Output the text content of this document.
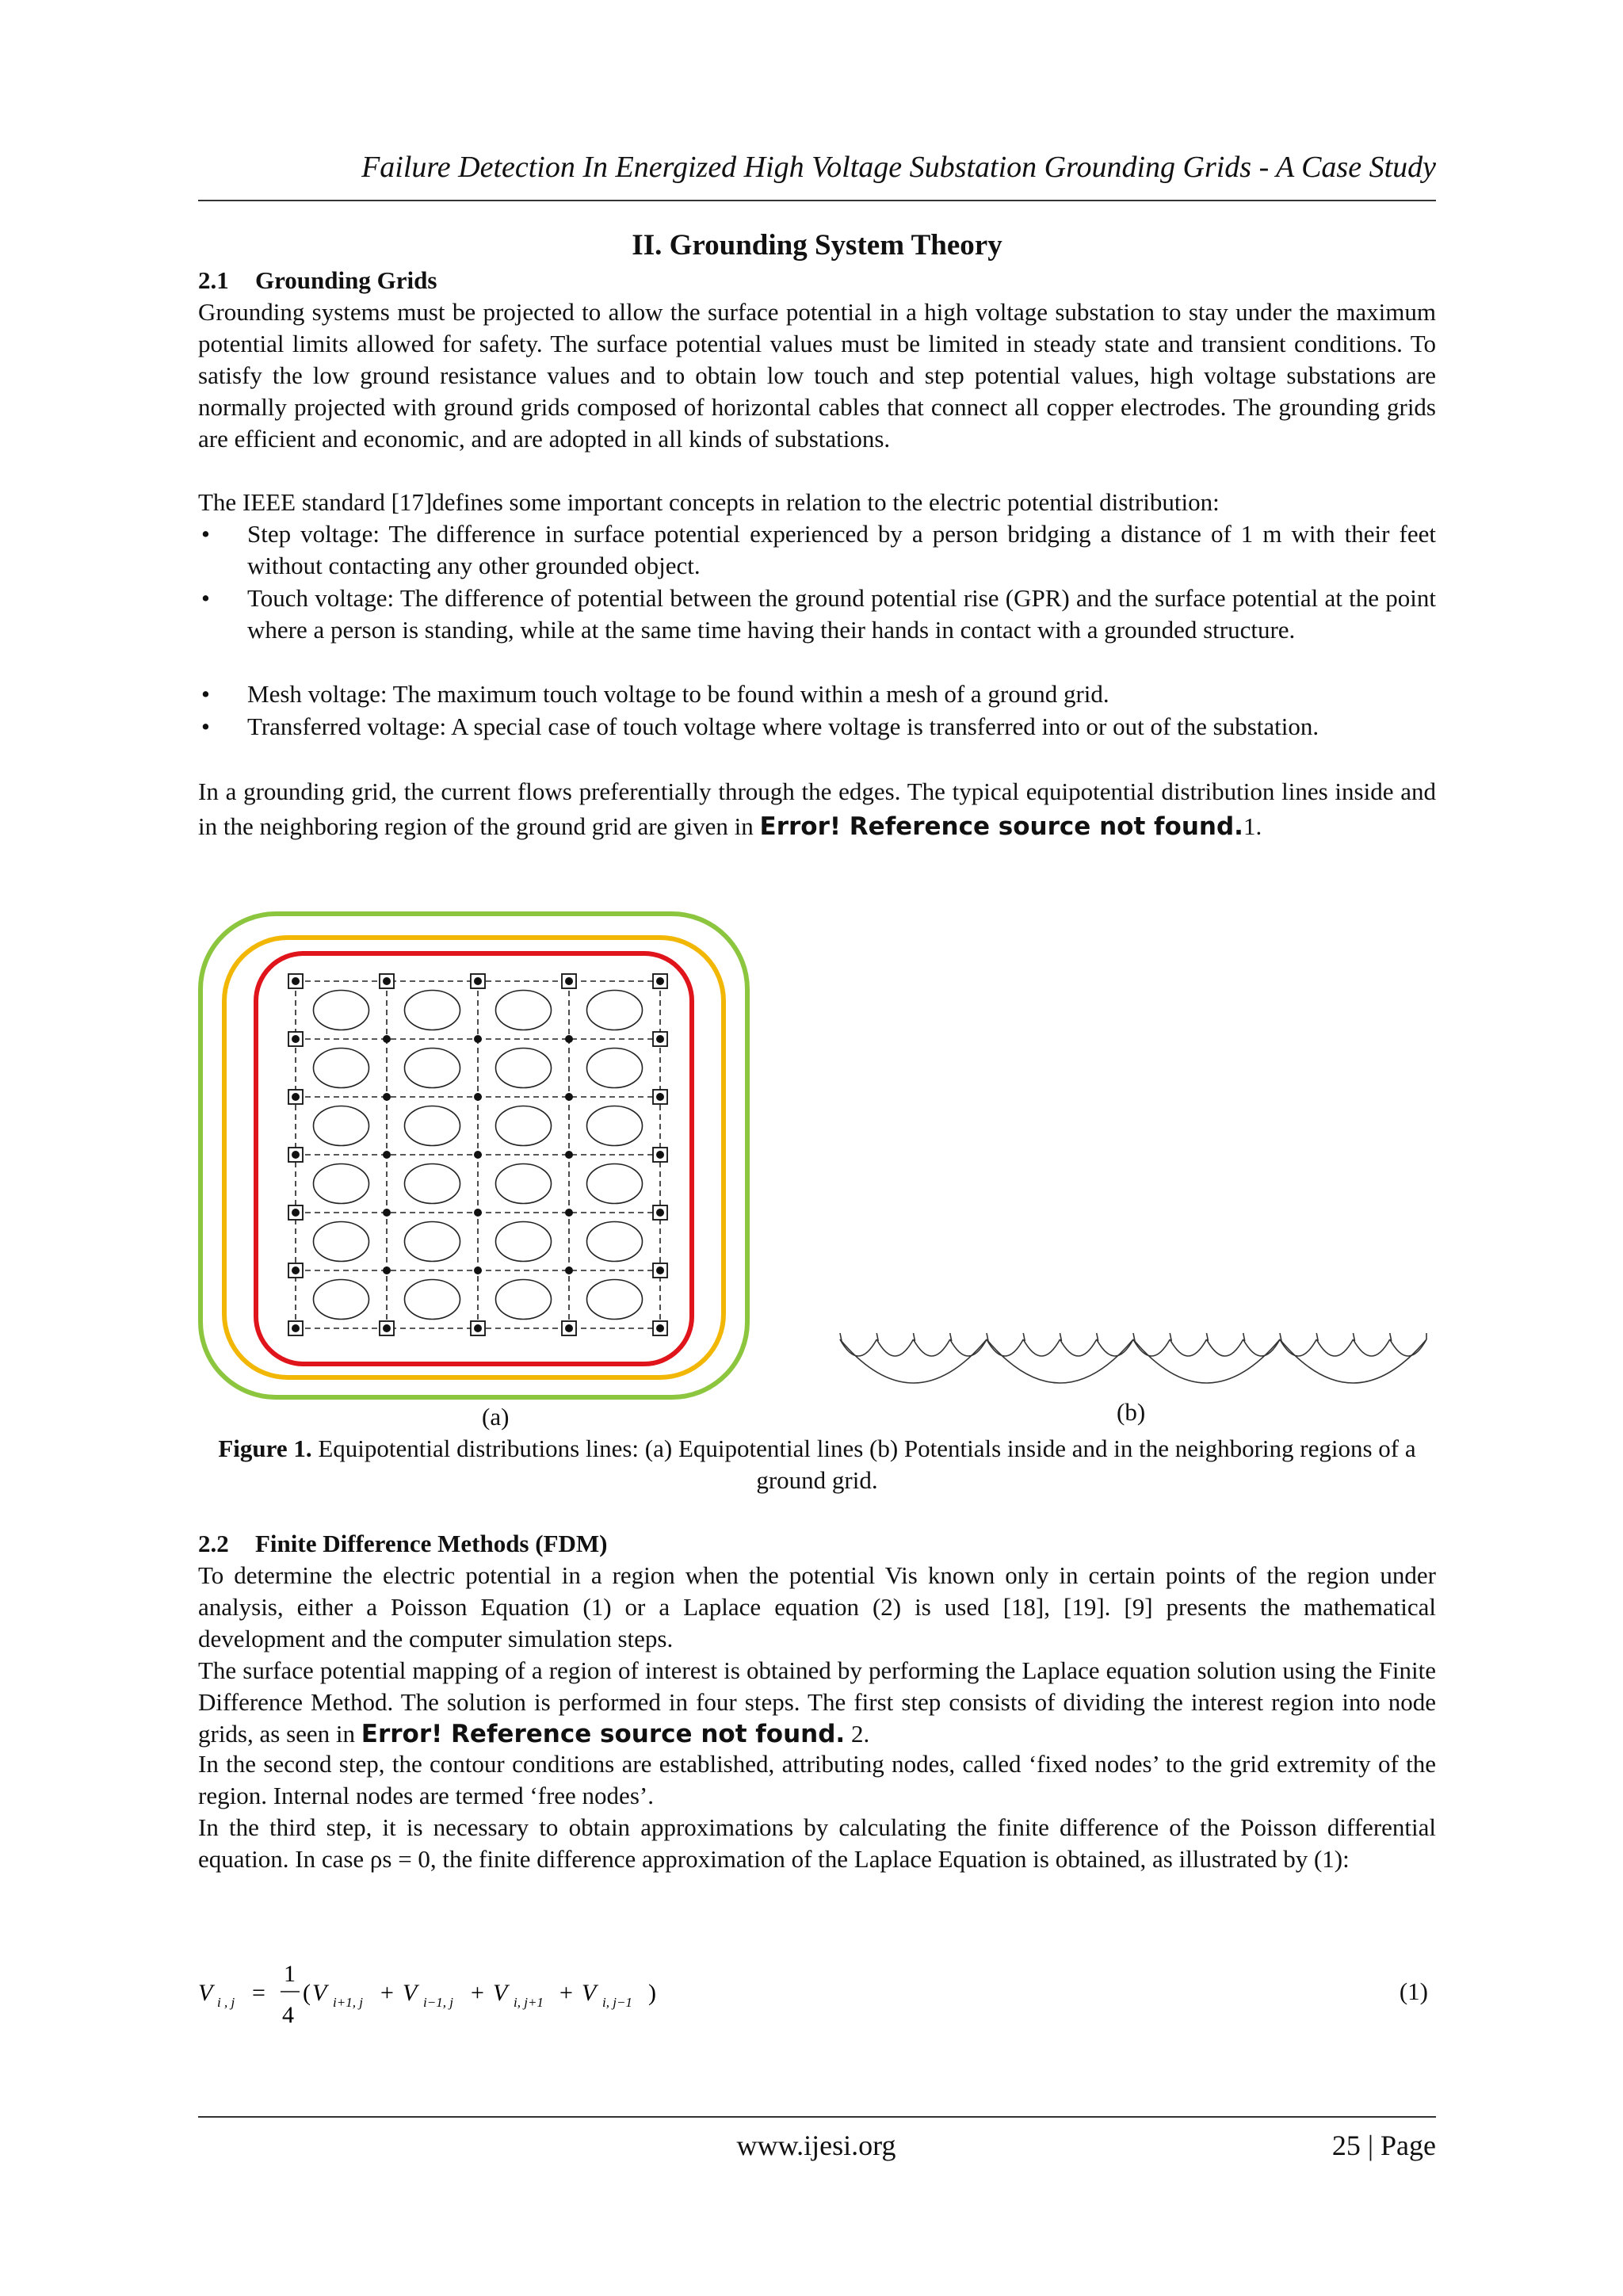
Failure Detection In Energized High Voltage Substation Grounding Grids - A Case Study
II. Grounding System Theory
2.1 Grounding Grids
Grounding systems must be projected to allow the surface potential in a high voltage substation to stay under the maximum potential limits allowed for safety. The surface potential values must be limited in steady state and transient conditions. To satisfy the low ground resistance values and to obtain low touch and step potential values, high voltage substations are normally projected with ground grids composed of horizontal cables that connect all copper electrodes. The grounding grids are efficient and economic, and are adopted in all kinds of substations.
The IEEE standard [17]defines some important concepts in relation to the electric potential distribution:
• Step voltage: The difference in surface potential experienced by a person bridging a distance of 1 m with their feet without contacting any other grounded object.
• Touch voltage: The difference of potential between the ground potential rise (GPR) and the surface potential at the point where a person is standing, while at the same time having their hands in contact with a grounded structure.
• Mesh voltage: The maximum touch voltage to be found within a mesh of a ground grid.
• Transferred voltage: A special case of touch voltage where voltage is transferred into or out of the substation.
In a grounding grid, the current flows preferentially through the edges. The typical equipotential distribution lines inside and in the neighboring region of the ground grid are given in Error! Reference source not found.1.
(a)	(b)
Figure 1. Equipotential distributions lines: (a) Equipotential lines (b) Potentials inside and in the neighboring regions of a ground grid.
2.2 Finite Difference Methods (FDM)
To determine the electric potential in a region when the potential Vis known only in certain points of the region under analysis, either a Poisson Equation (1) or a Laplace equation (2) is used [18], [19]. [9] presents the mathematical development and the computer simulation steps.
The surface potential mapping of a region of interest is obtained by performing the Laplace equation solution using the Finite Difference Method. The solution is performed in four steps. The first step consists of dividing the interest region into node grids, as seen in Error! Reference source not found. 2.
In the second step, the contour conditions are established, attributing nodes, called ‘fixed nodes’ to the grid extremity of the region. Internal nodes are termed ‘free nodes’.
In the third step, it is necessary to obtain approximations by calculating the finite difference of the Poisson differential equation. In case ρs = 0, the finite difference approximation of the Laplace Equation is obtained, as illustrated by (1):
V i , j =
1
4
( V i+1, j + V i−1, j + V i, j+1 + V i, j−1 )	(1)
www.ijesi.org	25 | Page
